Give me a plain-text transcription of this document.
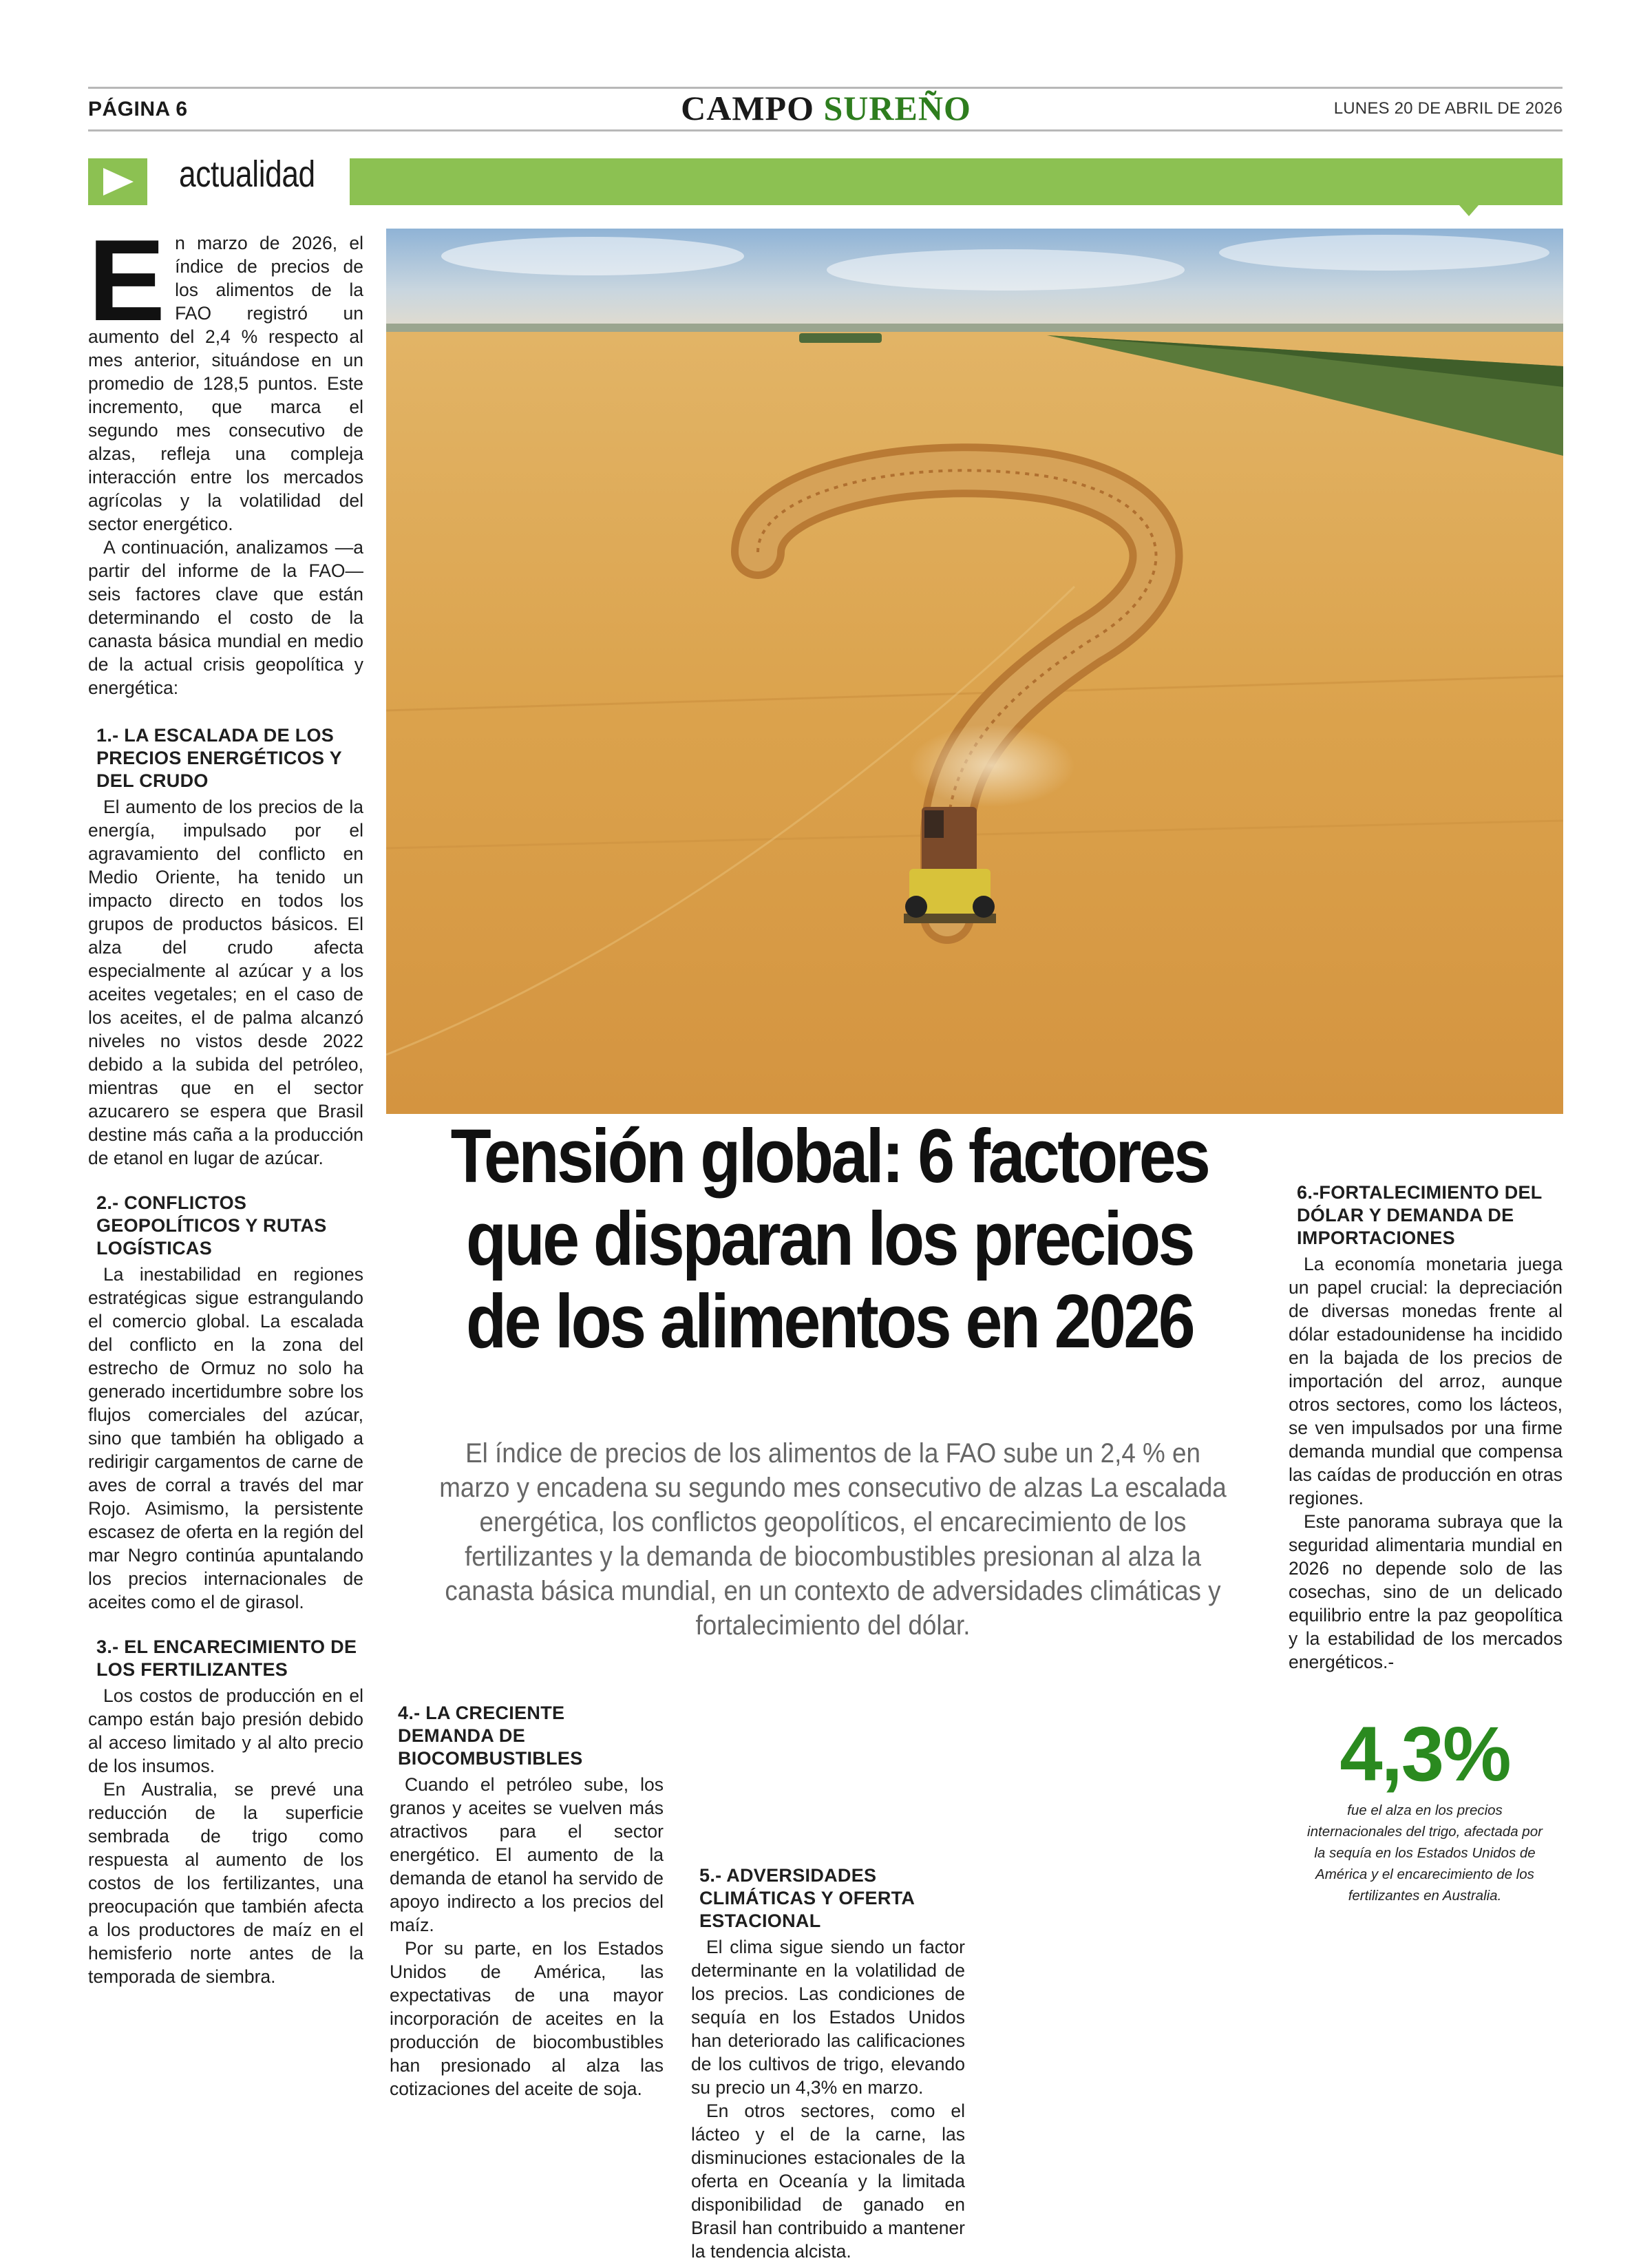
PÁGINA 6	CAMPO SUREÑO	LUNES 20 DE ABRIL DE 2026
actualidad

En marzo de 2026, el índice de precios de los alimentos de la FAO registró un aumento del 2,4 % respecto al mes anterior, situándose en un promedio de 128,5 puntos. Este incremento, que marca el segundo mes consecutivo de alzas, refleja una compleja interacción entre los mercados agrícolas y la volatilidad del sector energético.

A continuación, analizamos —a partir del informe de la FAO— seis factores clave que están determinando el costo de la canasta básica mundial en medio de la actual crisis geopolítica y energética:

1.- LA ESCALADA DE LOS PRECIOS ENERGÉTICOS Y DEL CRUDO

El aumento de los precios de la energía, impulsado por el agravamiento del conflicto en Medio Oriente, ha tenido un impacto directo en todos los grupos de productos básicos. El alza del crudo afecta especialmente al azúcar y a los aceites vegetales; en el caso de los aceites, el de palma alcanzó niveles no vistos desde 2022 debido a la subida del petróleo, mientras que en el sector azucarero se espera que Brasil destine más caña a la producción de etanol en lugar de azúcar.

2.- CONFLICTOS GEOPOLÍTICOS Y RUTAS LOGÍSTICAS

La inestabilidad en regiones estratégicas sigue estrangulando el comercio global. La escalada del conflicto en la zona del estrecho de Ormuz no solo ha generado incertidumbre sobre los flujos comerciales del azúcar, sino que también ha obligado a redirigir cargamentos de carne de aves de corral a través del mar Rojo. Asimismo, la persistente escasez de oferta en la región del mar Negro continúa apuntalando los precios internacionales de aceites como el de girasol.

3.- EL ENCARECIMIENTO DE LOS FERTILIZANTES

Los costos de producción en el campo están bajo presión debido al acceso limitado y al alto precio de los insumos.

En Australia, se prevé una reducción de la superficie sembrada de trigo como respuesta al aumento de los costos de los fertilizantes, una preocupación que también afecta a los productores de maíz en el hemisferio norte antes de la temporada de siembra.

Tensión global: 6 factores que disparan los precios de los alimentos en 2026
El índice de precios de los alimentos de la FAO sube un 2,4 % en marzo y encadena su segundo mes consecutivo de alzas La escalada energética, los conflictos geopolíticos, el encarecimiento de los fertilizantes y la demanda de biocombustibles presionan al alza la canasta básica mundial, en un contexto de adversidades climáticas y fortalecimiento del dólar.
4.- LA CRECIENTE DEMANDA DE BIOCOMBUSTIBLES

Cuando el petróleo sube, los granos y aceites se vuelven más atractivos para el sector energético. El aumento de la demanda de etanol ha servido de apoyo indirecto a los precios del maíz.

Por su parte, en los Estados Unidos de América, las expectativas de una mayor incorporación de aceites en la producción de biocombustibles han presionado al alza las cotizaciones del aceite de soja.

5.- ADVERSIDADES CLIMÁTICAS Y OFERTA ESTACIONAL

El clima sigue siendo un factor determinante en la volatilidad de los precios. Las condiciones de sequía en los Estados Unidos han deteriorado las calificaciones de los cultivos de trigo, elevando su precio un 4,3% en marzo.

En otros sectores, como el lácteo y el de la carne, las disminuciones estacionales de la oferta en Oceanía y la limitada disponibilidad de ganado en Brasil han contribuido a mantener la tendencia alcista.

6.-FORTALECIMIENTO DEL DÓLAR Y DEMANDA DE IMPORTACIONES

La economía monetaria juega un papel crucial: la depreciación de diversas monedas frente al dólar estadounidense ha incidido en la bajada de los precios de importación del arroz, aunque otros sectores, como los lácteos, se ven impulsados por una firme demanda mundial que compensa las caídas de producción en otras regiones.

Este panorama subraya que la seguridad alimentaria mundial en 2026 no depende solo de las cosechas, sino de un delicado equilibrio entre la paz geopolítica y la estabilidad de los mercados energéticos.-

4,3%
fue el alza en los precios internacionales del trigo, afectada por la sequía en los Estados Unidos de América y el encarecimiento de los fertilizantes en Australia.
